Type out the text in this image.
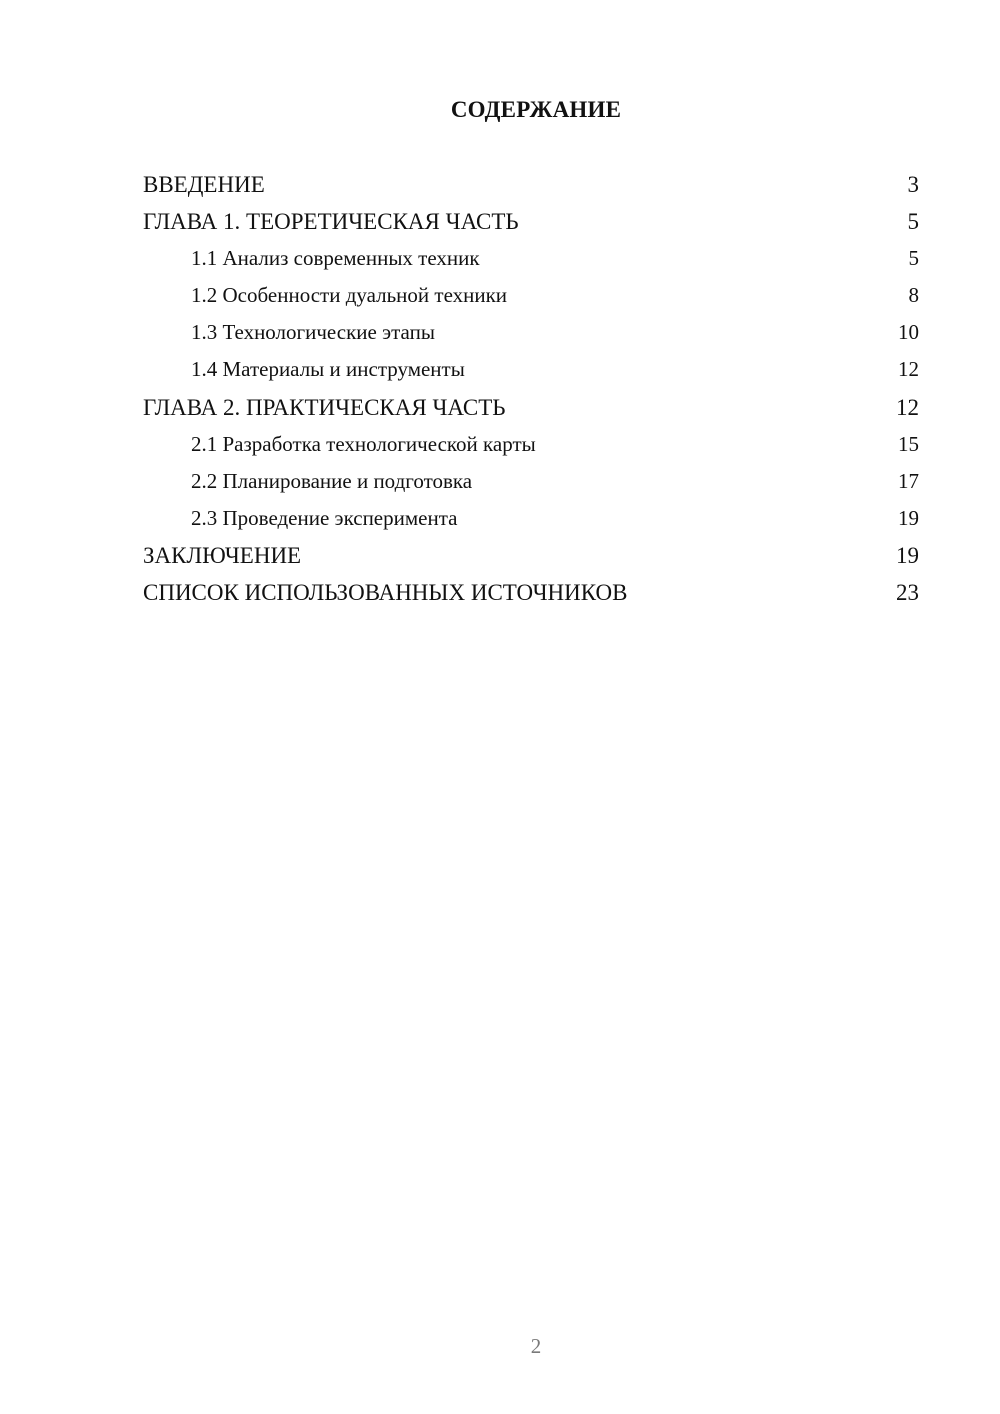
СОДЕРЖАНИЕ
ВВЕДЕНИЕ	3
ГЛАВА 1. ТЕОРЕТИЧЕСКАЯ ЧАСТЬ	5
1.1 Анализ современных техник	5
1.2 Особенности дуальной техники	8
1.3 Технологические этапы	10
1.4 Материалы и инструменты	12
ГЛАВА 2. ПРАКТИЧЕСКАЯ ЧАСТЬ	12
2.1 Разработка технологической карты	15
2.2 Планирование и подготовка	17
2.3 Проведение эксперимента	19
ЗАКЛЮЧЕНИЕ	19
СПИСОК ИСПОЛЬЗОВАННЫХ ИСТОЧНИКОВ	23
2
